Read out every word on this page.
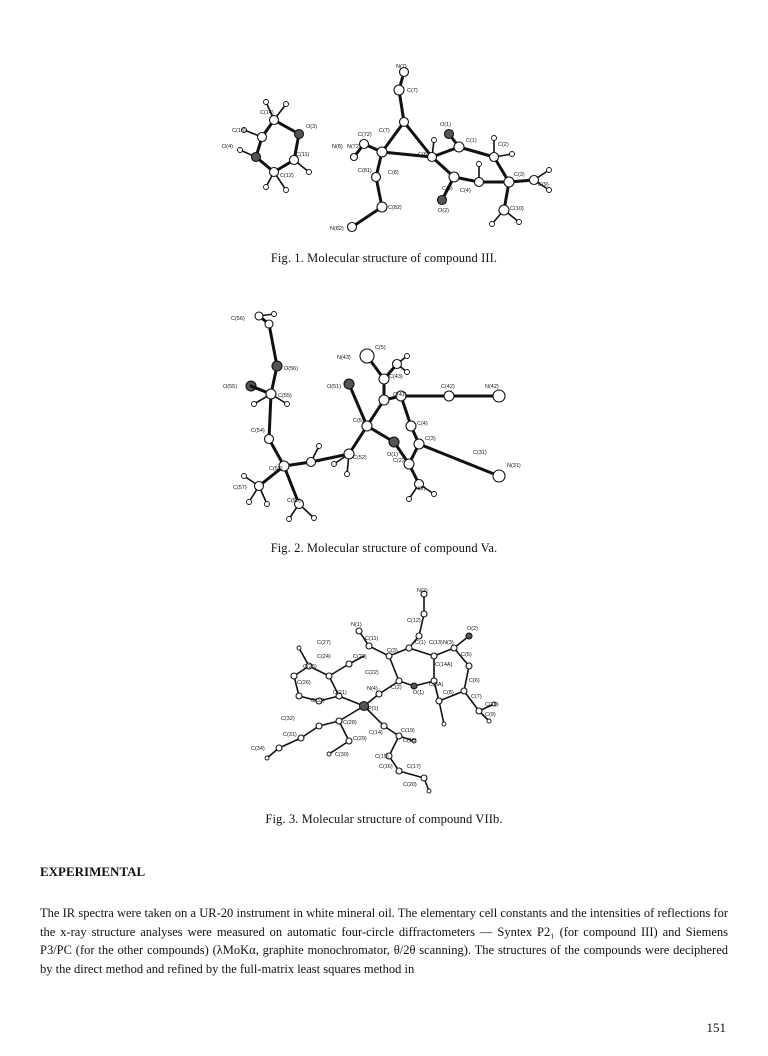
N(7)
C(7)
C(14)
C(13)
O(3)
O(4)
C(11)
C(12)
N(8) N(72)
C(72)
C(7)
O(1)
C(1)
C(2)
C(6)
C(8)
C(81)
C(3)
C(9)
C(5) C(4)
C(82)	C(10)
N(82)
O(2)
Fig. 1. Molecular structure of compound III.
C(56)
C(5)
N(43)
O(56)
C(43)
O(55)
C(55)
O(51)
C(41)
C(42)	N(42)
C(54)
C(5)	C(4)
O(1)
C(3)
C(31)
C(52)	C(2)
N(31)
C(53)
N(2)
C(57)
C(58)
Fig. 2. Molecular structure of compound Va.
N(2)
C(12)
O(2)
N(1)
C(11)
C(1) C(13) N(3)
C(27)
C(3)
C(5)
C(24)	C(23)
C(14A)
C(25)
C(22)
C(8A)
C(6)
C(26)
C(21)
C(2)
O(1)	C(8)
C(7)
C(10)
C(33)
N(4)
C(9)
C(32)
C(28)
P(1)
C(31)	C(14)	C(19)
C(29)	C(18)
C(34)
C(30)	C(15)
C(16)	C(17)
C(20)
Fig. 3. Molecular structure of compound VIIb.
EXPERIMENTAL

The IR spectra were taken on a UR-20 instrument in white mineral oil. The elementary cell constants and the intensities of reflections for the x-ray structure analyses were measured on automatic four-circle diffractometers — Syntex P2₁ (for compound III) and Siemens P3/PC (for the other compounds) (λMoKα, graphite monochromator, θ/2θ scanning). The structures of the compounds were deciphered by the direct method and refined by the full-matrix least squares method in

151
